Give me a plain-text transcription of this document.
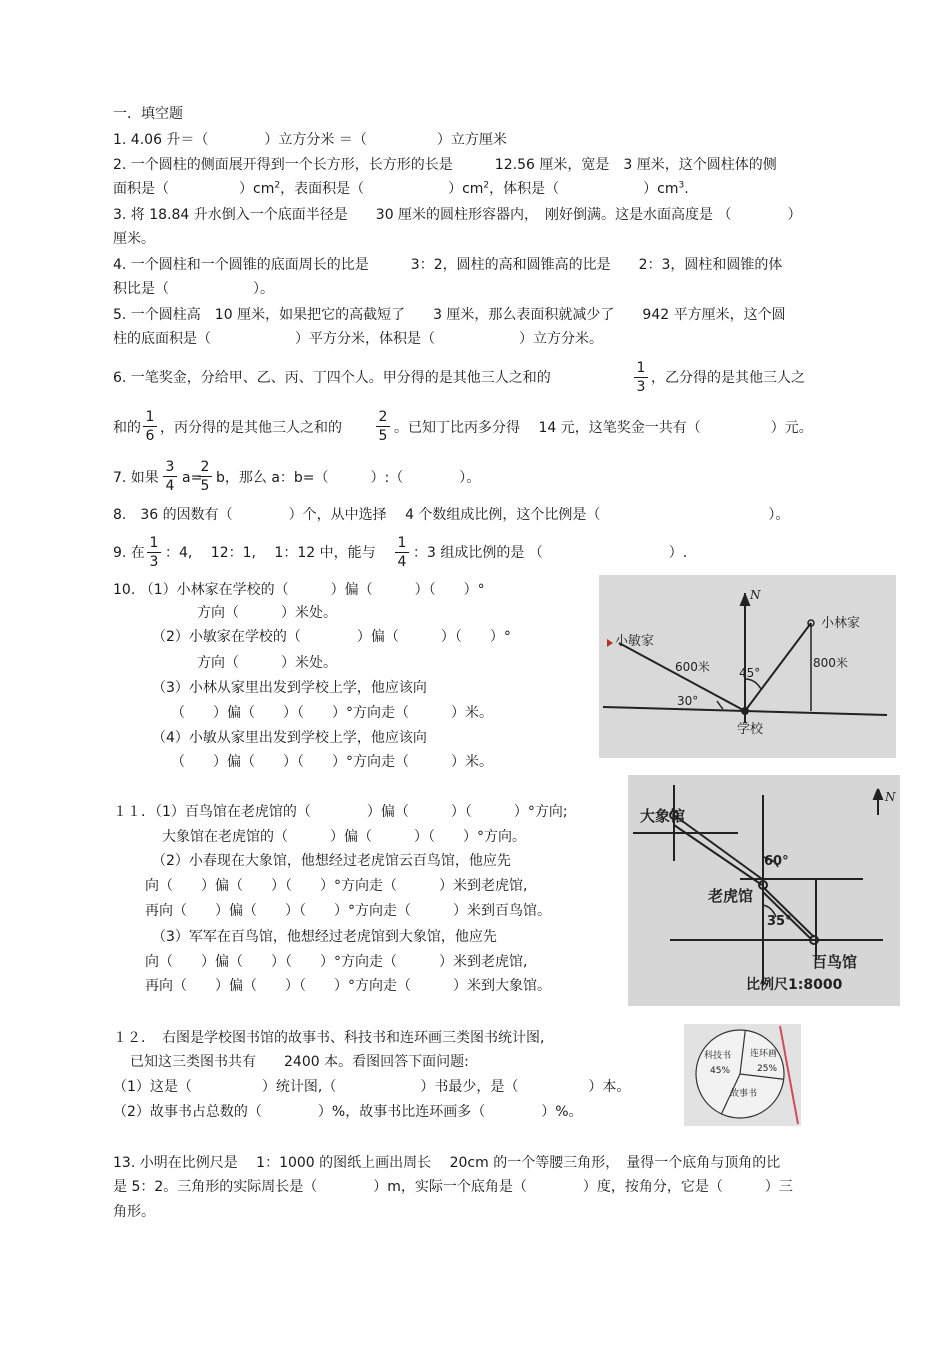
一．填空题
1. 4.06 升＝（　　　　）立方分米 ＝（　　　　　）立方厘米
2. 一个圆柱的侧面展开得到一个长方形，长方形的长是　　　12.56 厘米，宽是　3 厘米，这个圆柱体的侧
面积是（　　　　　）$cm^2$，表面积是（　　　　　　）$cm^2$，体积是（　　　　　　）$cm^3$.
3. 将 18.84 升水倒入一个底面半径是　　30 厘米的圆柱形容器内，　刚好倒满。这是水面高度是 （　　　　）
厘米。
4. 一个圆柱和一个圆锥的底面周长的比是　　　3：2，圆柱的高和圆锥高的比是　　2：3，圆柱和圆锥的体
积比是（　　　　　　）。
5. 一个圆柱高　10 厘米，如果把它的高截短了　　3 厘米，那么表面积就减少了　　942 平方厘米，这个圆
柱的底面积是（　　　　　　）平方分米，体积是（　　　　　　）立方分米。
6. 一笔奖金，分给甲、乙、丙、丁四个人。甲分得的是其他三人之和的
1
3
，乙分得的是其他三人之
和的
1
6 ，丙分得的是其他三人之和的
2
5 。已知丁比丙多分得　 14 元，这笔奖金一共有（　　　　　）元。
7. 如果
3
4 a=
2
5 b，那么 a：b=（　　　）:（　　　　）。
8.　36 的因数有（　　　　）个，从中选择　 4 个数组成比例，这个比例是（　　　　　　　　　　　　）。
9. 在
1
3
：4,　 12：1,　 1：12 中，能与
1
4
：3 组成比例的是 （　　　　　　　　　）.
10. （1）小林家在学校的（　　　）偏（　　　）（　　）°
方向（　　　）米处。
（2）小敏家在学校的（　　　　）偏（　　　）（　　）°
方向（　　　）米处。
（3）小林从家里出发到学校上学，他应该向
（　　）偏（　　）（　　）°方向走（　　　）米。
（4）小敏从家里出发到学校上学，他应该向
（　　）偏（　　）（　　）°方向走（　　　）米。
N
小林家
小敏家
学校
600米	800米
45°
30°
１１．（1）百鸟馆在老虎馆的（　　　　）偏（　　　）（　　　）°方向;
大象馆在老虎馆的（　　　）偏（　　　）（　　）°方向。
（2）小春现在大象馆，他想经过老虎馆云百鸟馆，他应先
向（　　）偏（　　）（　　）°方向走（　　　）米到老虎馆,
再向（　　）偏（　　）（　　）°方向走（　　　）米到百鸟馆。
（3）军军在百鸟馆，他想经过老虎馆到大象馆，他应先
向（　　）偏（　　）（　　）°方向走（　　　）米到老虎馆,
再向（　　）偏（　　）（　　）°方向走（　　　）米到大象馆。
N
大象馆
老虎馆
百鸟馆
60°
35°
比例尺1:8000
１２．　右图是学校图书馆的故事书、科技书和连环画三类图书统计图,
已知这三类图书共有　　2400 本。看图回答下面问题:
（1）这是（　　　　　）统计图,（　　　　　　）书最少，是（　　　　　）本。
（2）故事书占总数的（　　　　）%，故事书比连环画多（　　　　）%。
科技书
45%
连环画
25%
故事书
13. 小明在比例尺是　 1：1000 的图纸上画出周长　 20cm 的一个等腰三角形，　量得一个底角与顶角的比
是 5：2。三角形的实际周长是（　　　　）m，实际一个底角是（　　　　）度，按角分，它是（　　　）三
角形。
